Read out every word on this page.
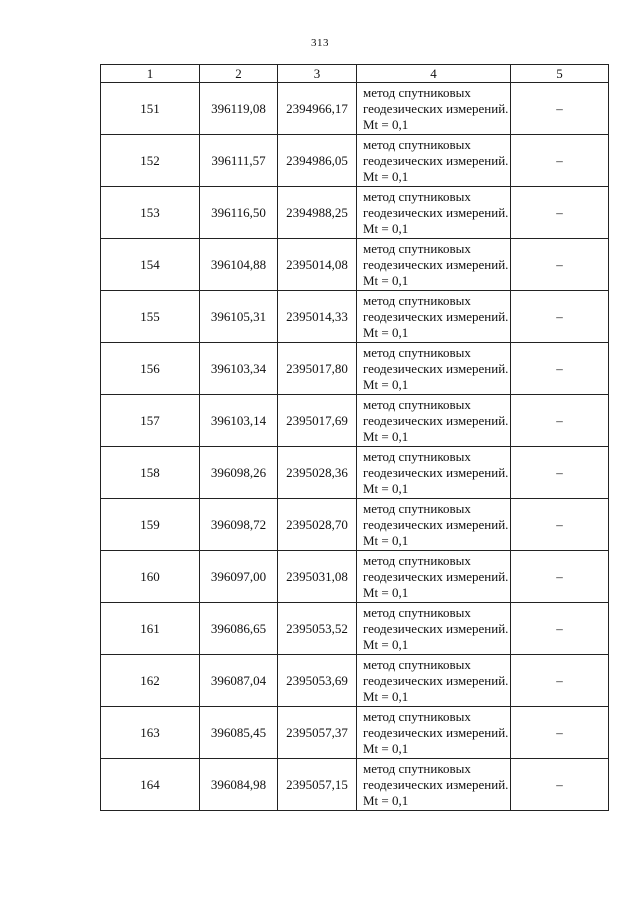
313
1	2	3	4	5
151	396119,08	2394966,17	метод спутниковых геодезических измерений. Mt = 0,1	–
152	396111,57	2394986,05	метод спутниковых геодезических измерений. Mt = 0,1	–
153	396116,50	2394988,25	метод спутниковых геодезических измерений. Mt = 0,1	–
154	396104,88	2395014,08	метод спутниковых геодезических измерений. Mt = 0,1	–
155	396105,31	2395014,33	метод спутниковых геодезических измерений. Mt = 0,1	–
156	396103,34	2395017,80	метод спутниковых геодезических измерений. Mt = 0,1	–
157	396103,14	2395017,69	метод спутниковых геодезических измерений. Mt = 0,1	–
158	396098,26	2395028,36	метод спутниковых геодезических измерений. Mt = 0,1	–
159	396098,72	2395028,70	метод спутниковых геодезических измерений. Mt = 0,1	–
160	396097,00	2395031,08	метод спутниковых геодезических измерений. Mt = 0,1	–
161	396086,65	2395053,52	метод спутниковых геодезических измерений. Mt = 0,1	–
162	396087,04	2395053,69	метод спутниковых геодезических измерений. Mt = 0,1	–
163	396085,45	2395057,37	метод спутниковых геодезических измерений. Mt = 0,1	–
164	396084,98	2395057,15	метод спутниковых геодезических измерений. Mt = 0,1	–
